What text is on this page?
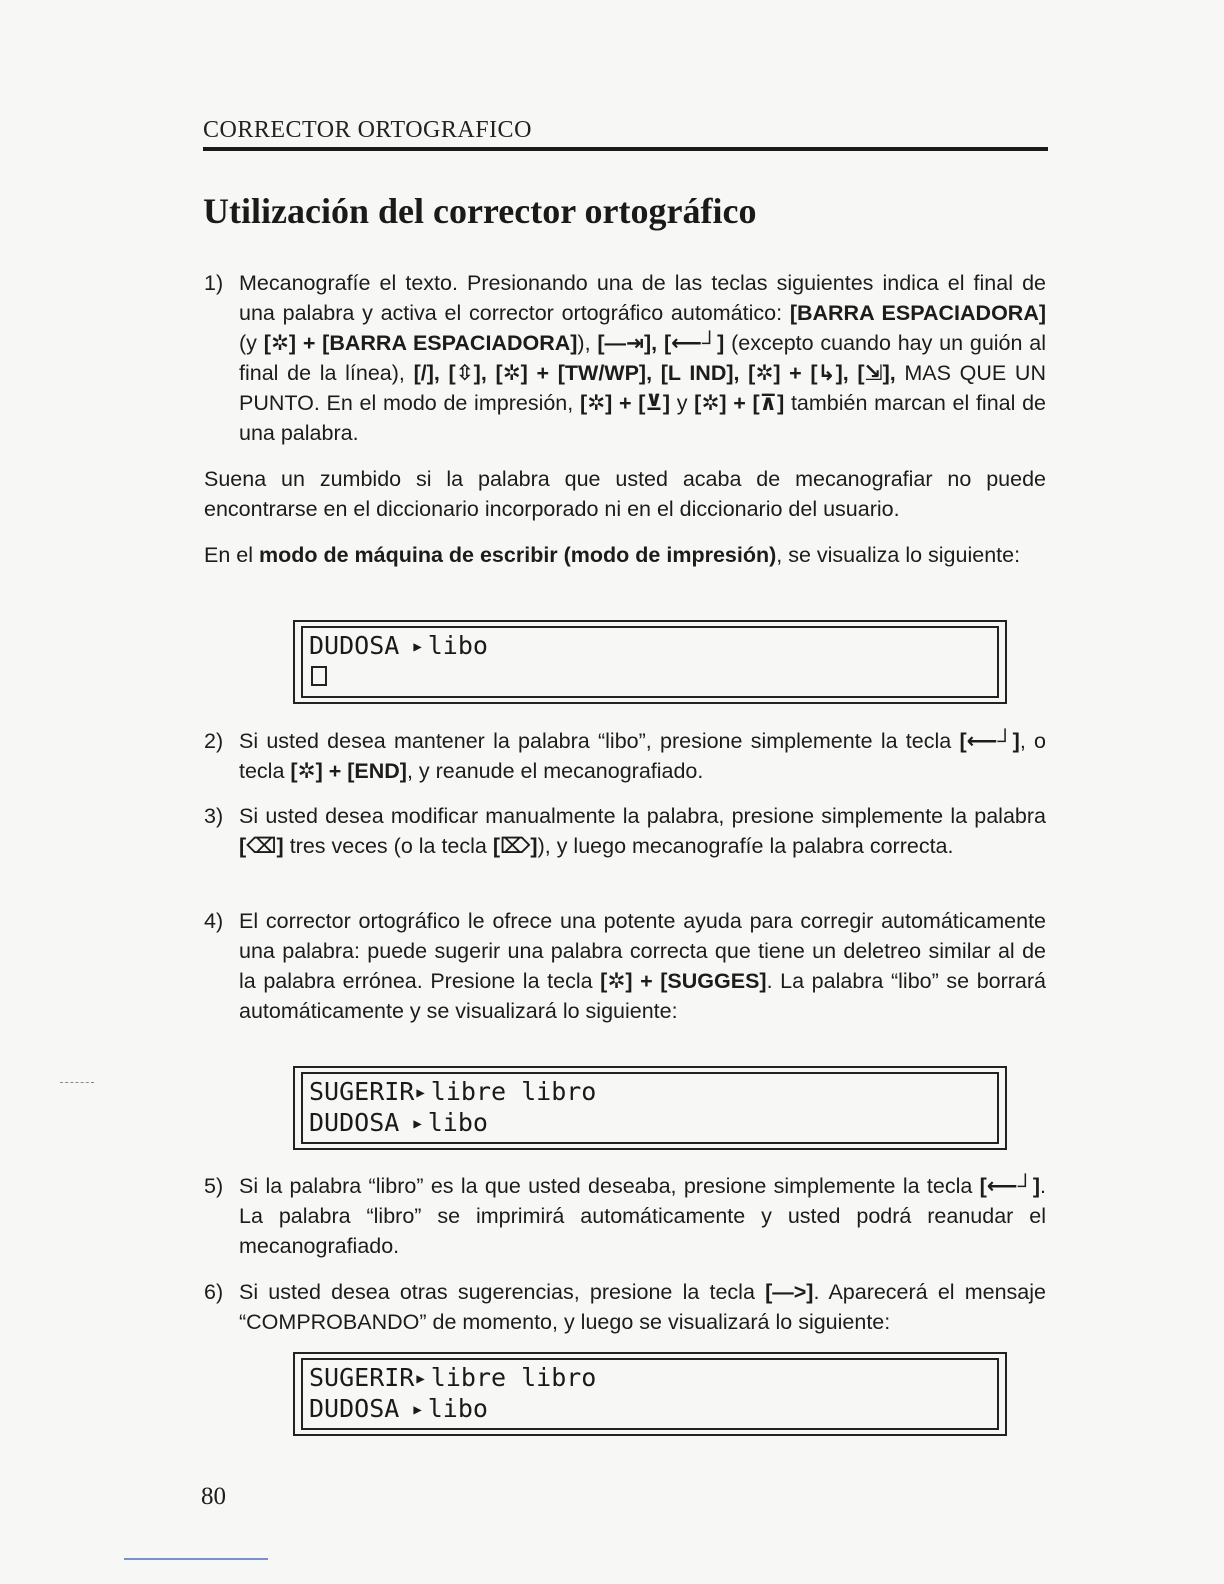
CORRECTOR ORTOGRAFICO
Utilización del corrector ortográfico
1) Mecanografíe el texto. Presionando una de las teclas siguientes indica el final de una palabra y activa el corrector ortográfico automático: [BARRA ESPACIADORA] (y [✲] + [BARRA ESPACIADORA]), [—⇥], [⟵┘] (excepto cuando hay un guión al final de la línea), [/], [⇳], [✲] + [TW/WP], [L IND], [✲] + [↳], [⇲], MAS QUE UN PUNTO. En el modo de impresión, [✲] + [⊻] y [✲] + [⊼] también marcan el final de una palabra.

Suena un zumbido si la palabra que usted acaba de mecanografiar no puede encontrarse en el diccionario incorporado ni en el diccionario del usuario.

En el modo de máquina de escribir (modo de impresión), se visualiza lo siguiente:

DUDOSA ▶ libo
2) Si usted desea mantener la palabra “libo”, presione simplemente la tecla [⟵┘], o tecla [✲] + [END], y reanude el mecanografiado.
3) Si usted desea modificar manualmente la palabra, presione simplemente la palabra [⌫] tres veces (o la tecla [⌦]), y luego mecanografíe la palabra correcta.
4) El corrector ortográfico le ofrece una potente ayuda para corregir automáticamente una palabra: puede sugerir una palabra correcta que tiene un deletreo similar al de la palabra errónea. Presione la tecla [✲] + [SUGGES]. La palabra “libo” se borrará automáticamente y se visualizará lo siguiente:
SUGERIR ▶ libre libro
DUDOSA ▶ libo
5) Si la palabra “libro” es la que usted deseaba, presione simplemente la tecla [⟵┘]. La palabra “libro” se imprimirá automáticamente y usted podrá reanudar el mecanografiado.
6) Si usted desea otras sugerencias, presione la tecla [—>]. Aparecerá el mensaje “COMPROBANDO” de momento, y luego se visualizará lo siguiente:
SUGERIR ▶ libre libro
DUDOSA ▶ libo
80
